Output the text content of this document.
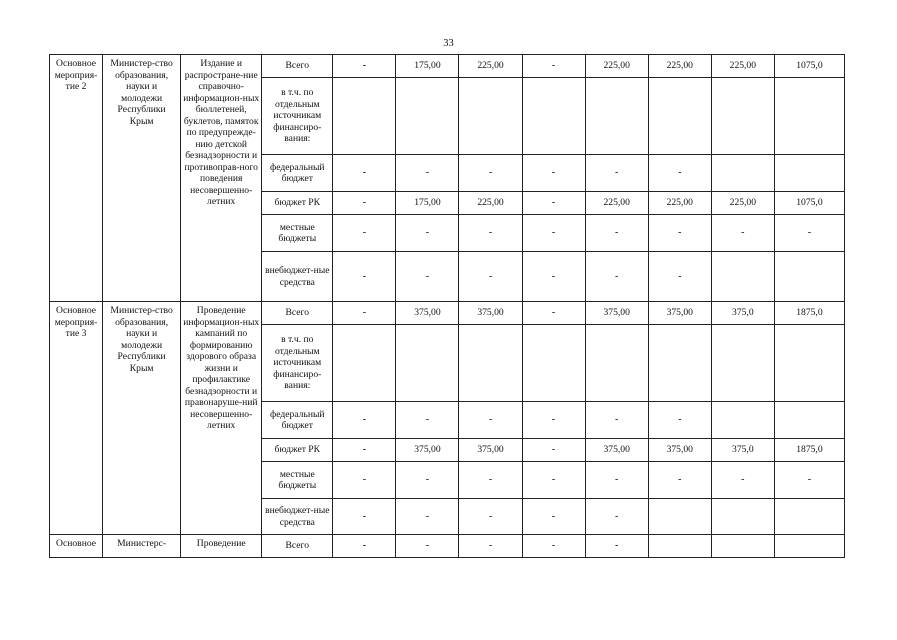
33
Основное мероприя-тие 2	Министер-ство образования, науки и молодежи Республики Крым	Издание и распростране-ние справочно-информацион-ных бюллетеней, буклетов, памяток по предупрежде-нию детской безнадзорности и противоправ-ного поведения несовершенно-летних	Всего	-	175,00	225,00	-	225,00	225,00	225,00	1075,0
			в т.ч. по отдельным источникам финансиро-вания:								
			федеральный бюджет	-	-	-	-	-	-		
			бюджет РК	-	175,00	225,00	-	225,00	225,00	225,00	1075,0
			местные бюджеты	-	-	-	-	-	-	-	-
			внебюджет-ные средства	-	-	-	-	-	-		
Основное мероприя-тие 3	Министер-ство образования, науки и молодежи Республики Крым	Проведение информацион-ных кампаний по формированию здорового образа жизни и профилактике безнадзорности и правонаруше-ний несовершенно-летних	Всего	-	375,00	375,00	-	375,00	375,00	375,0	1875,0
			в т.ч. по отдельным источникам финансиро-вания:								
			федеральный бюджет	-	-	-	-	-	-		
			бюджет РК	-	375,00	375,00	-	375,00	375,00	375,0	1875,0
			местные бюджеты	-	-	-	-	-	-	-	-
			внебюджет-ные средства	-	-	-	-	-			
Основное	Министерс-	Проведение	Всего	-	-	-	-	-			
